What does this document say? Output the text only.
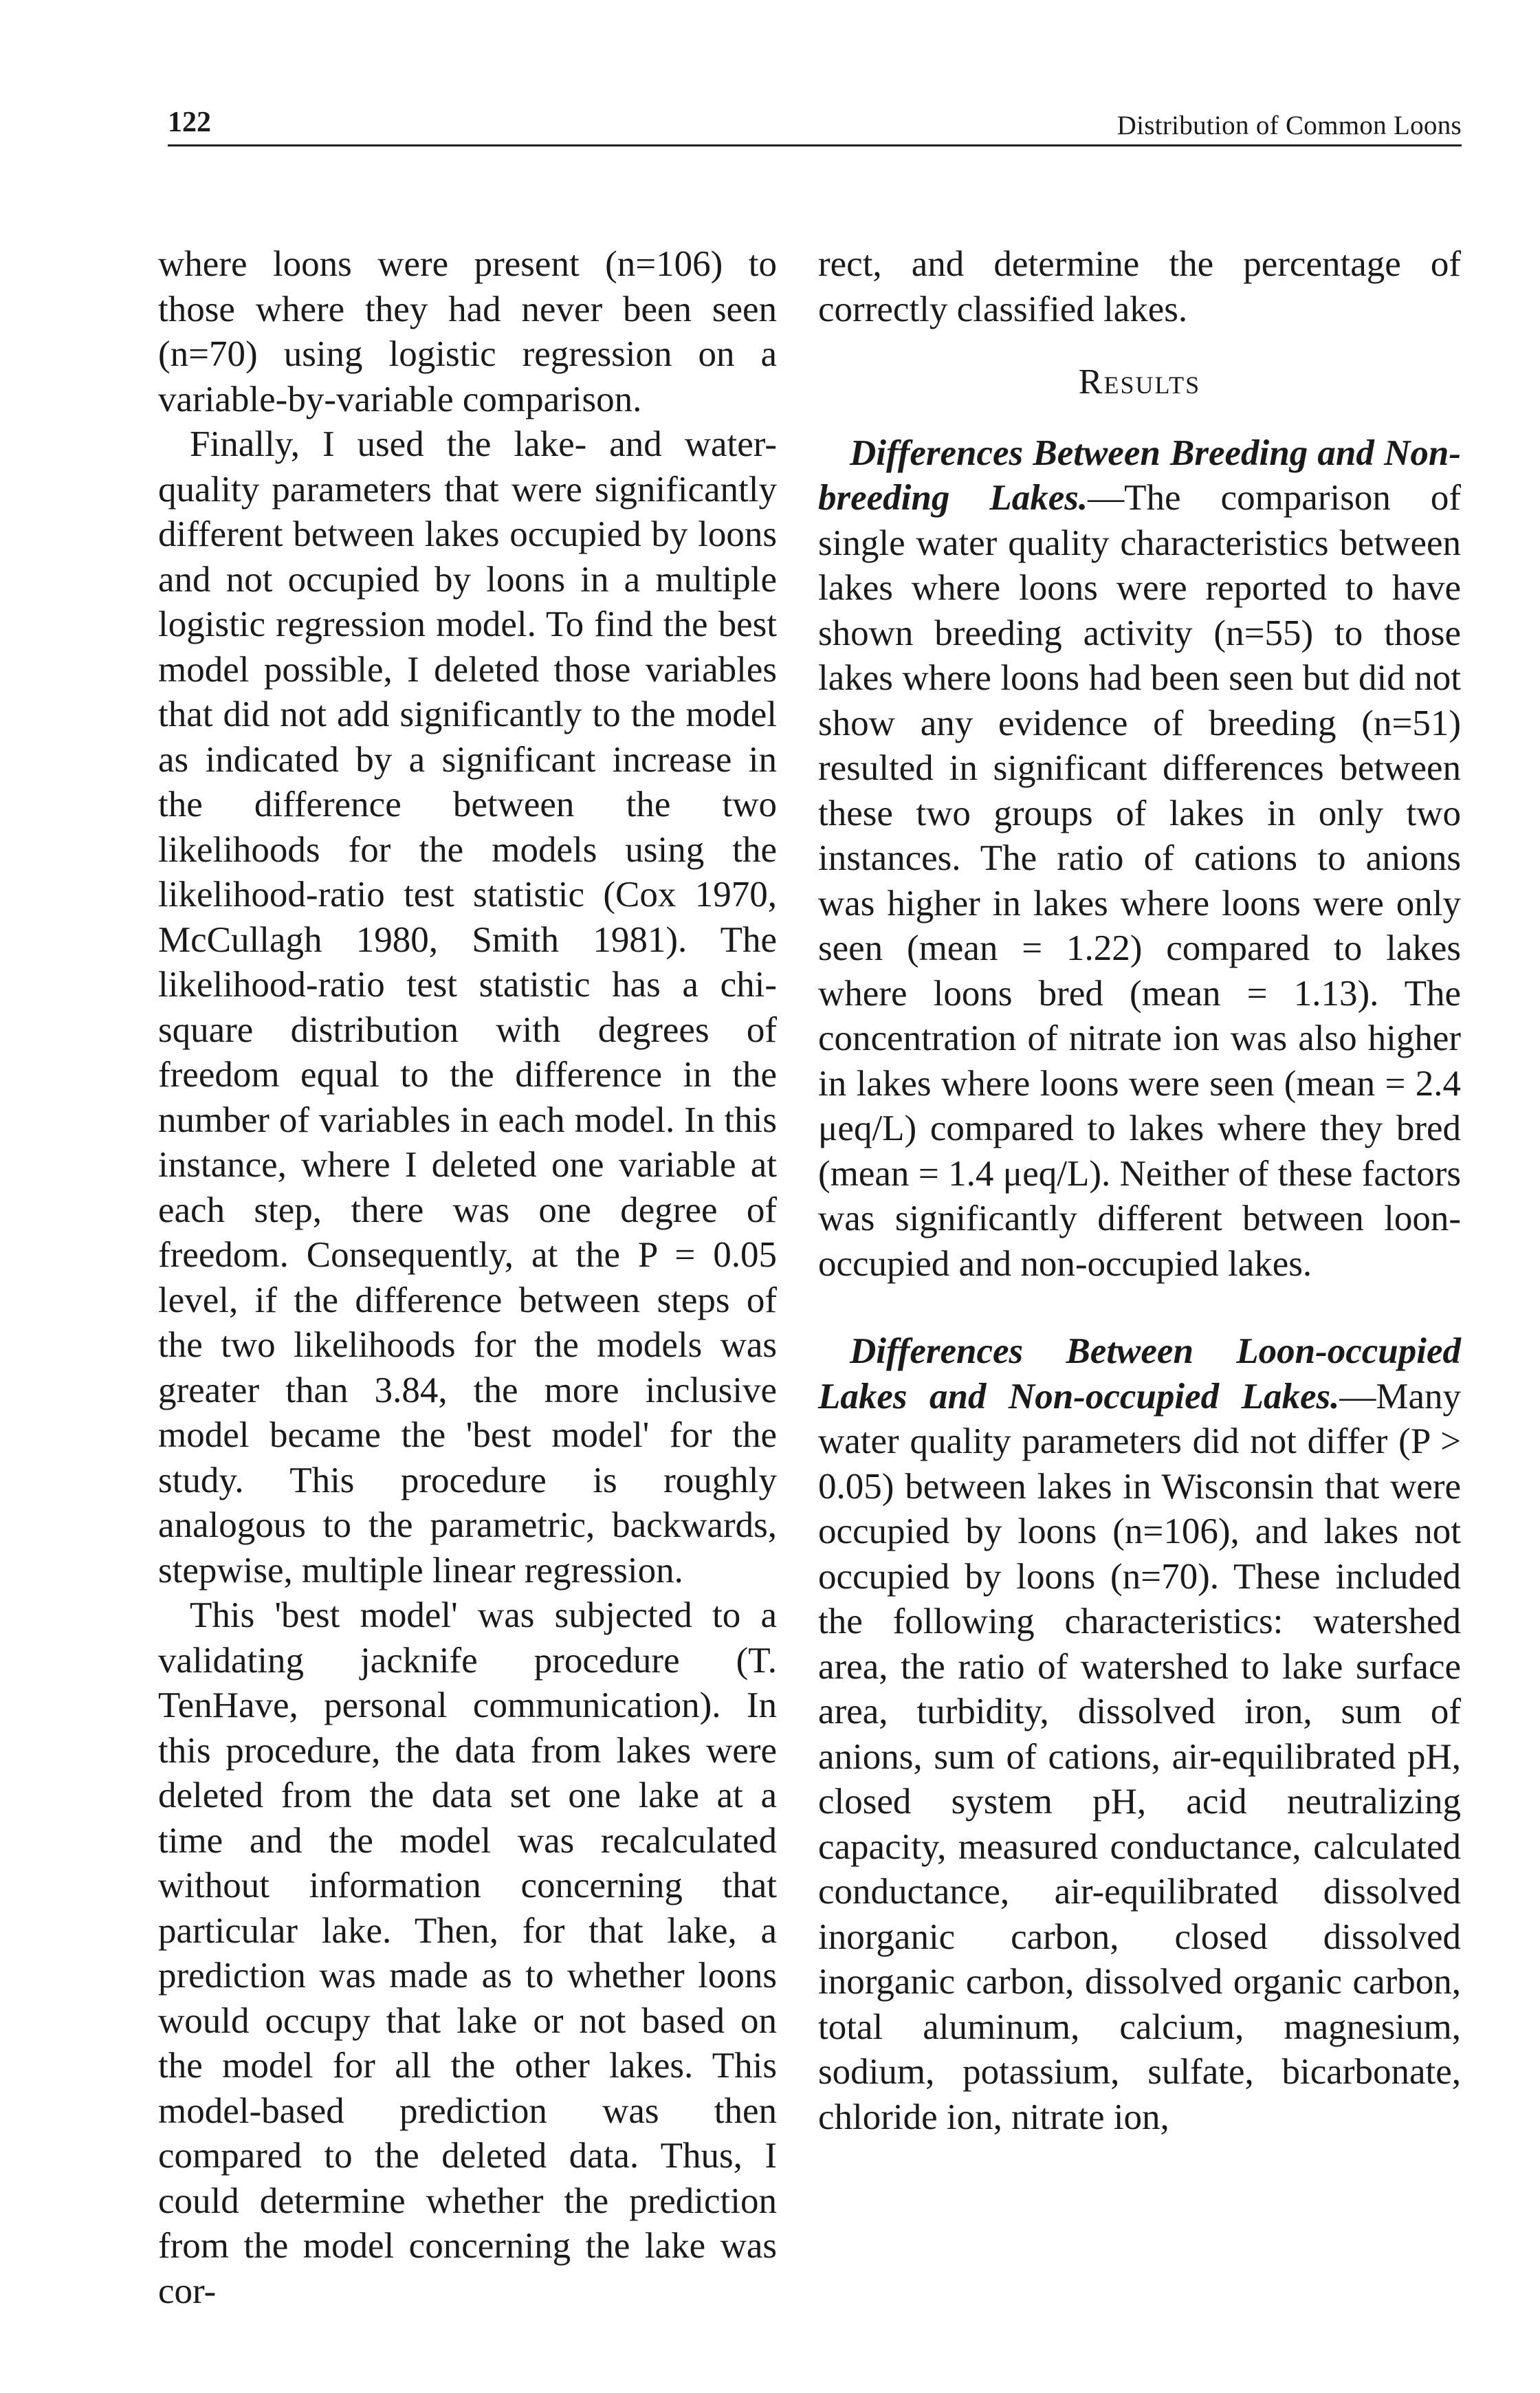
122	Distribution of Common Loons

where loons were present (n=106) to those where they had never been seen (n=70) using logistic regression on a variable-by-variable comparison.

Finally, I used the lake- and water-quality parameters that were significantly different between lakes occupied by loons and not occupied by loons in a multiple logistic regression model. To find the best model possible, I deleted those variables that did not add significantly to the model as indicated by a significant increase in the difference between the two likelihoods for the models using the likelihood-ratio test statistic (Cox 1970, McCullagh 1980, Smith 1981). The likelihood-ratio test statistic has a chi-square distribution with degrees of freedom equal to the difference in the number of variables in each model. In this instance, where I deleted one variable at each step, there was one degree of freedom. Consequently, at the P = 0.05 level, if the difference between steps of the two likelihoods for the models was greater than 3.84, the more inclusive model became the 'best model' for the study. This procedure is roughly analogous to the parametric, backwards, stepwise, multiple linear regression.

This 'best model' was subjected to a validating jacknife procedure (T. TenHave, personal communication). In this procedure, the data from lakes were deleted from the data set one lake at a time and the model was recalculated without information concerning that particular lake. Then, for that lake, a prediction was made as to whether loons would occupy that lake or not based on the model for all the other lakes. This model-based prediction was then compared to the deleted data. Thus, I could determine whether the prediction from the model concerning the lake was cor-

rect, and determine the percentage of correctly classified lakes.

Results

Differences Between Breeding and Non-breeding Lakes.—The comparison of single water quality characteristics between lakes where loons were reported to have shown breeding activity (n=55) to those lakes where loons had been seen but did not show any evidence of breeding (n=51) resulted in significant differences between these two groups of lakes in only two instances. The ratio of cations to anions was higher in lakes where loons were only seen (mean = 1.22) compared to lakes where loons bred (mean = 1.13). The concentration of nitrate ion was also higher in lakes where loons were seen (mean = 2.4 μeq/L) compared to lakes where they bred (mean = 1.4 μeq/L). Neither of these factors was significantly different between loon-occupied and non-occupied lakes.

Differences Between Loon-occupied Lakes and Non-occupied Lakes.—Many water quality parameters did not differ (P > 0.05) between lakes in Wisconsin that were occupied by loons (n=106), and lakes not occupied by loons (n=70). These included the following characteristics: watershed area, the ratio of watershed to lake surface area, turbidity, dissolved iron, sum of anions, sum of cations, air-equilibrated pH, closed system pH, acid neutralizing capacity, measured conductance, calculated conductance, air-equilibrated dissolved inorganic carbon, closed dissolved inorganic carbon, dissolved organic carbon, total aluminum, calcium, magnesium, sodium, potassium, sulfate, bicarbonate, chloride ion, nitrate ion,
